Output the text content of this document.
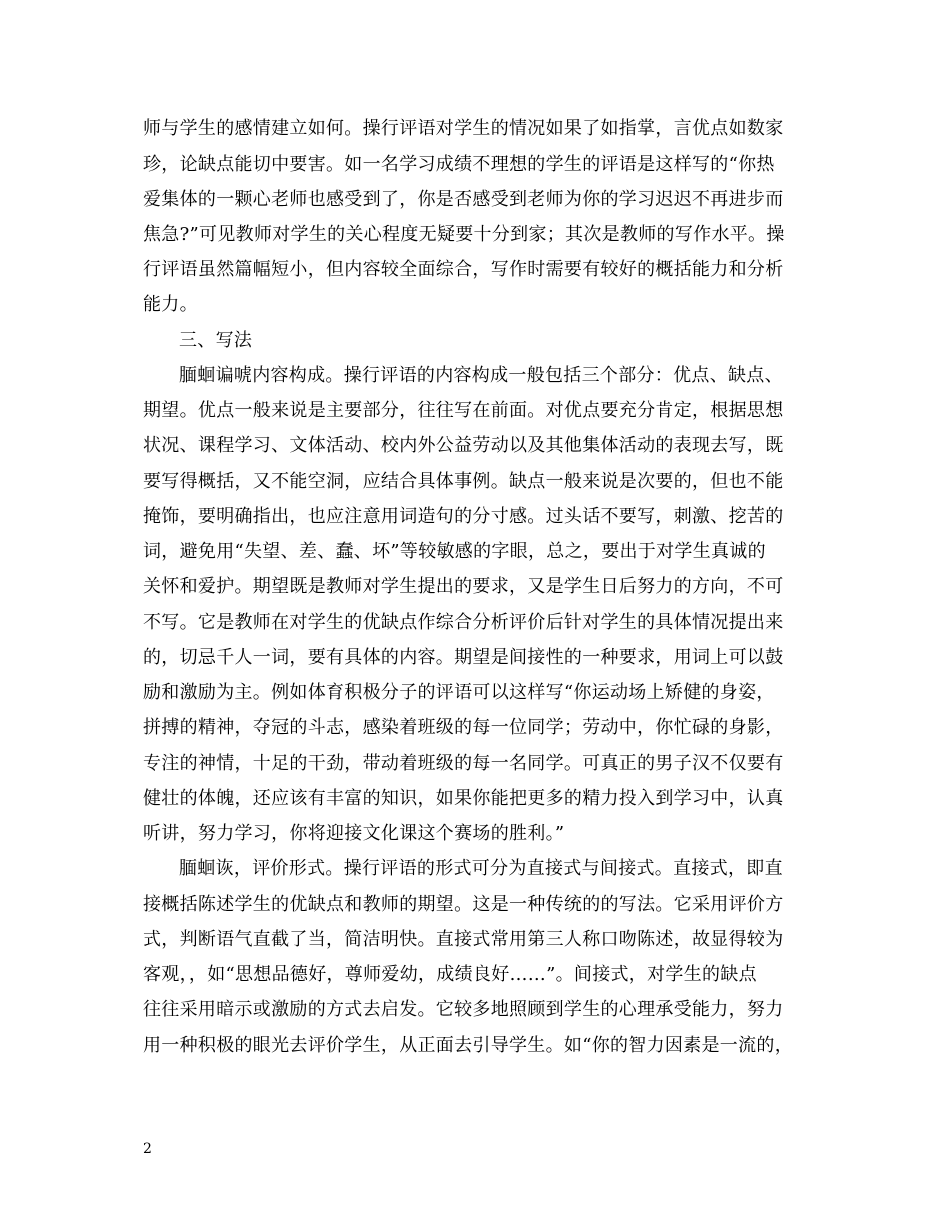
师与学生的感情建立如何。操行评语对学生的情况如果了如指掌，言优点如数家
珍，论缺点能切中要害。如一名学习成绩不理想的学生的评语是这样写的“你热
爱集体的一颗心老师也感受到了，你是否感受到老师为你的学习迟迟不再进步而
焦急?”可见教师对学生的关心程度无疑要十分到家；其次是教师的写作水平。操
行评语虽然篇幅短小，但内容较全面综合，写作时需要有较好的概括能力和分析
能力。
三、写法
腼蛔谝唬内容构成。操行评语的内容构成一般包括三个部分：优点、缺点、
期望。优点一般来说是主要部分，往往写在前面。对优点要充分肯定，根据思想
状况、课程学习、文体活动、校内外公益劳动以及其他集体活动的表现去写，既
要写得概括，又不能空洞，应结合具体事例。缺点一般来说是次要的，但也不能
掩饰，要明确指出，也应注意用词造句的分寸感。过头话不要写，刺激、挖苦的
词，避免用“失望、差、蠢、坏”等较敏感的字眼，总之，要出于对学生真诚的
关怀和爱护。期望既是教师对学生提出的要求，又是学生日后努力的方向，不可
不写。它是教师在对学生的优缺点作综合分析评价后针对学生的具体情况提出来
的，切忌千人一词，要有具体的内容。期望是间接性的一种要求，用词上可以鼓
励和激励为主。例如体育积极分子的评语可以这样写“你运动场上矫健的身姿，
拼搏的精神，夺冠的斗志，感染着班级的每一位同学；劳动中，你忙碌的身影，
专注的神情，十足的干劲，带动着班级的每一名同学。可真正的男子汉不仅要有
健壮的体魄，还应该有丰富的知识，如果你能把更多的精力投入到学习中，认真
听讲，努力学习，你将迎接文化课这个赛场的胜利。”
腼蛔诙，评价形式。操行评语的形式可分为直接式与间接式。直接式，即直
接概括陈述学生的优缺点和教师的期望。这是一种传统的的写法。它采用评价方
式，判断语气直截了当，简洁明快。直接式常用第三人称口吻陈述，故显得较为
客观，，如“思想品德好，尊师爱幼，成绩良好……”。间接式，对学生的缺点
往往采用暗示或激励的方式去启发。它较多地照顾到学生的心理承受能力，努力
用一种积极的眼光去评价学生，从正面去引导学生。如“你的智力因素是一流的，
2
